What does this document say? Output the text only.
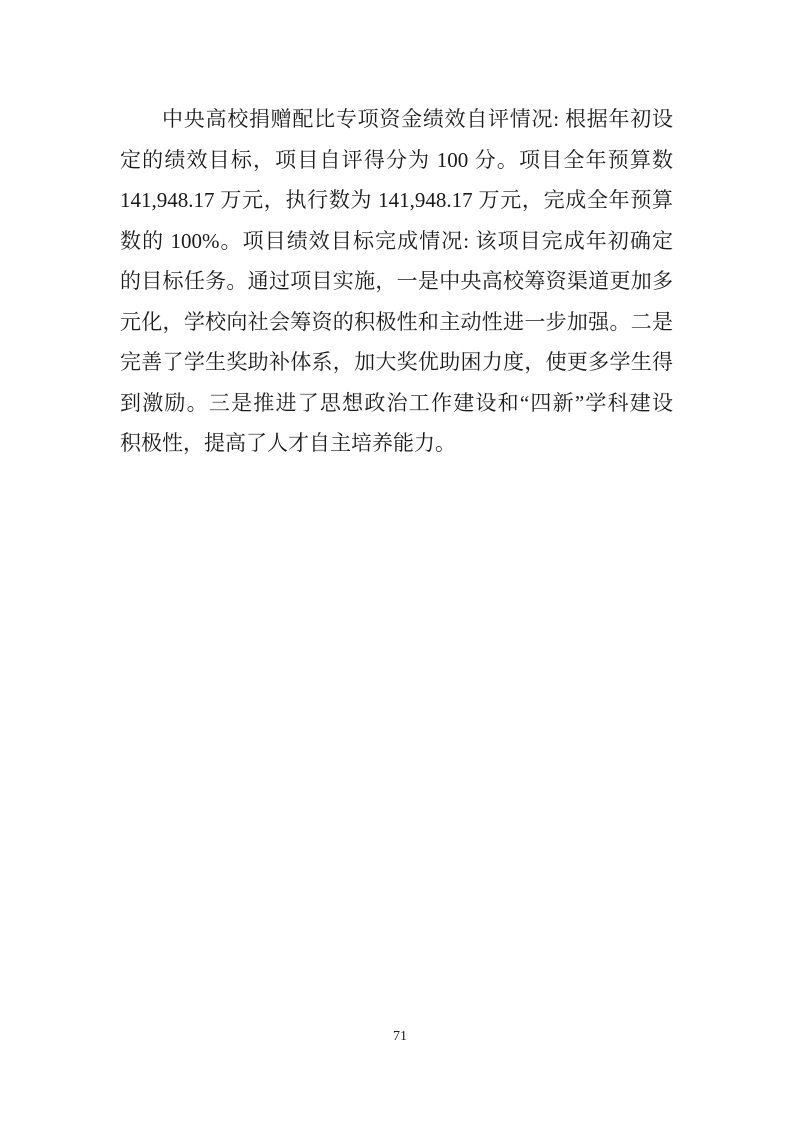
中央高校捐赠配比专项资金绩效自评情况: 根据年初设
定的绩效目标，项目自评得分为 100 分。项目全年预算数
141,948.17 万元，执行数为 141,948.17 万元，完成全年预算
数的 100%。项目绩效目标完成情况: 该项目完成年初确定
的目标任务。通过项目实施，一是中央高校筹资渠道更加多
元化，学校向社会筹资的积极性和主动性进一步加强。二是
完善了学生奖助补体系，加大奖优助困力度，使更多学生得
到激励。三是推进了思想政治工作建设和“四新”学科建设
积极性，提高了人才自主培养能力。
71
